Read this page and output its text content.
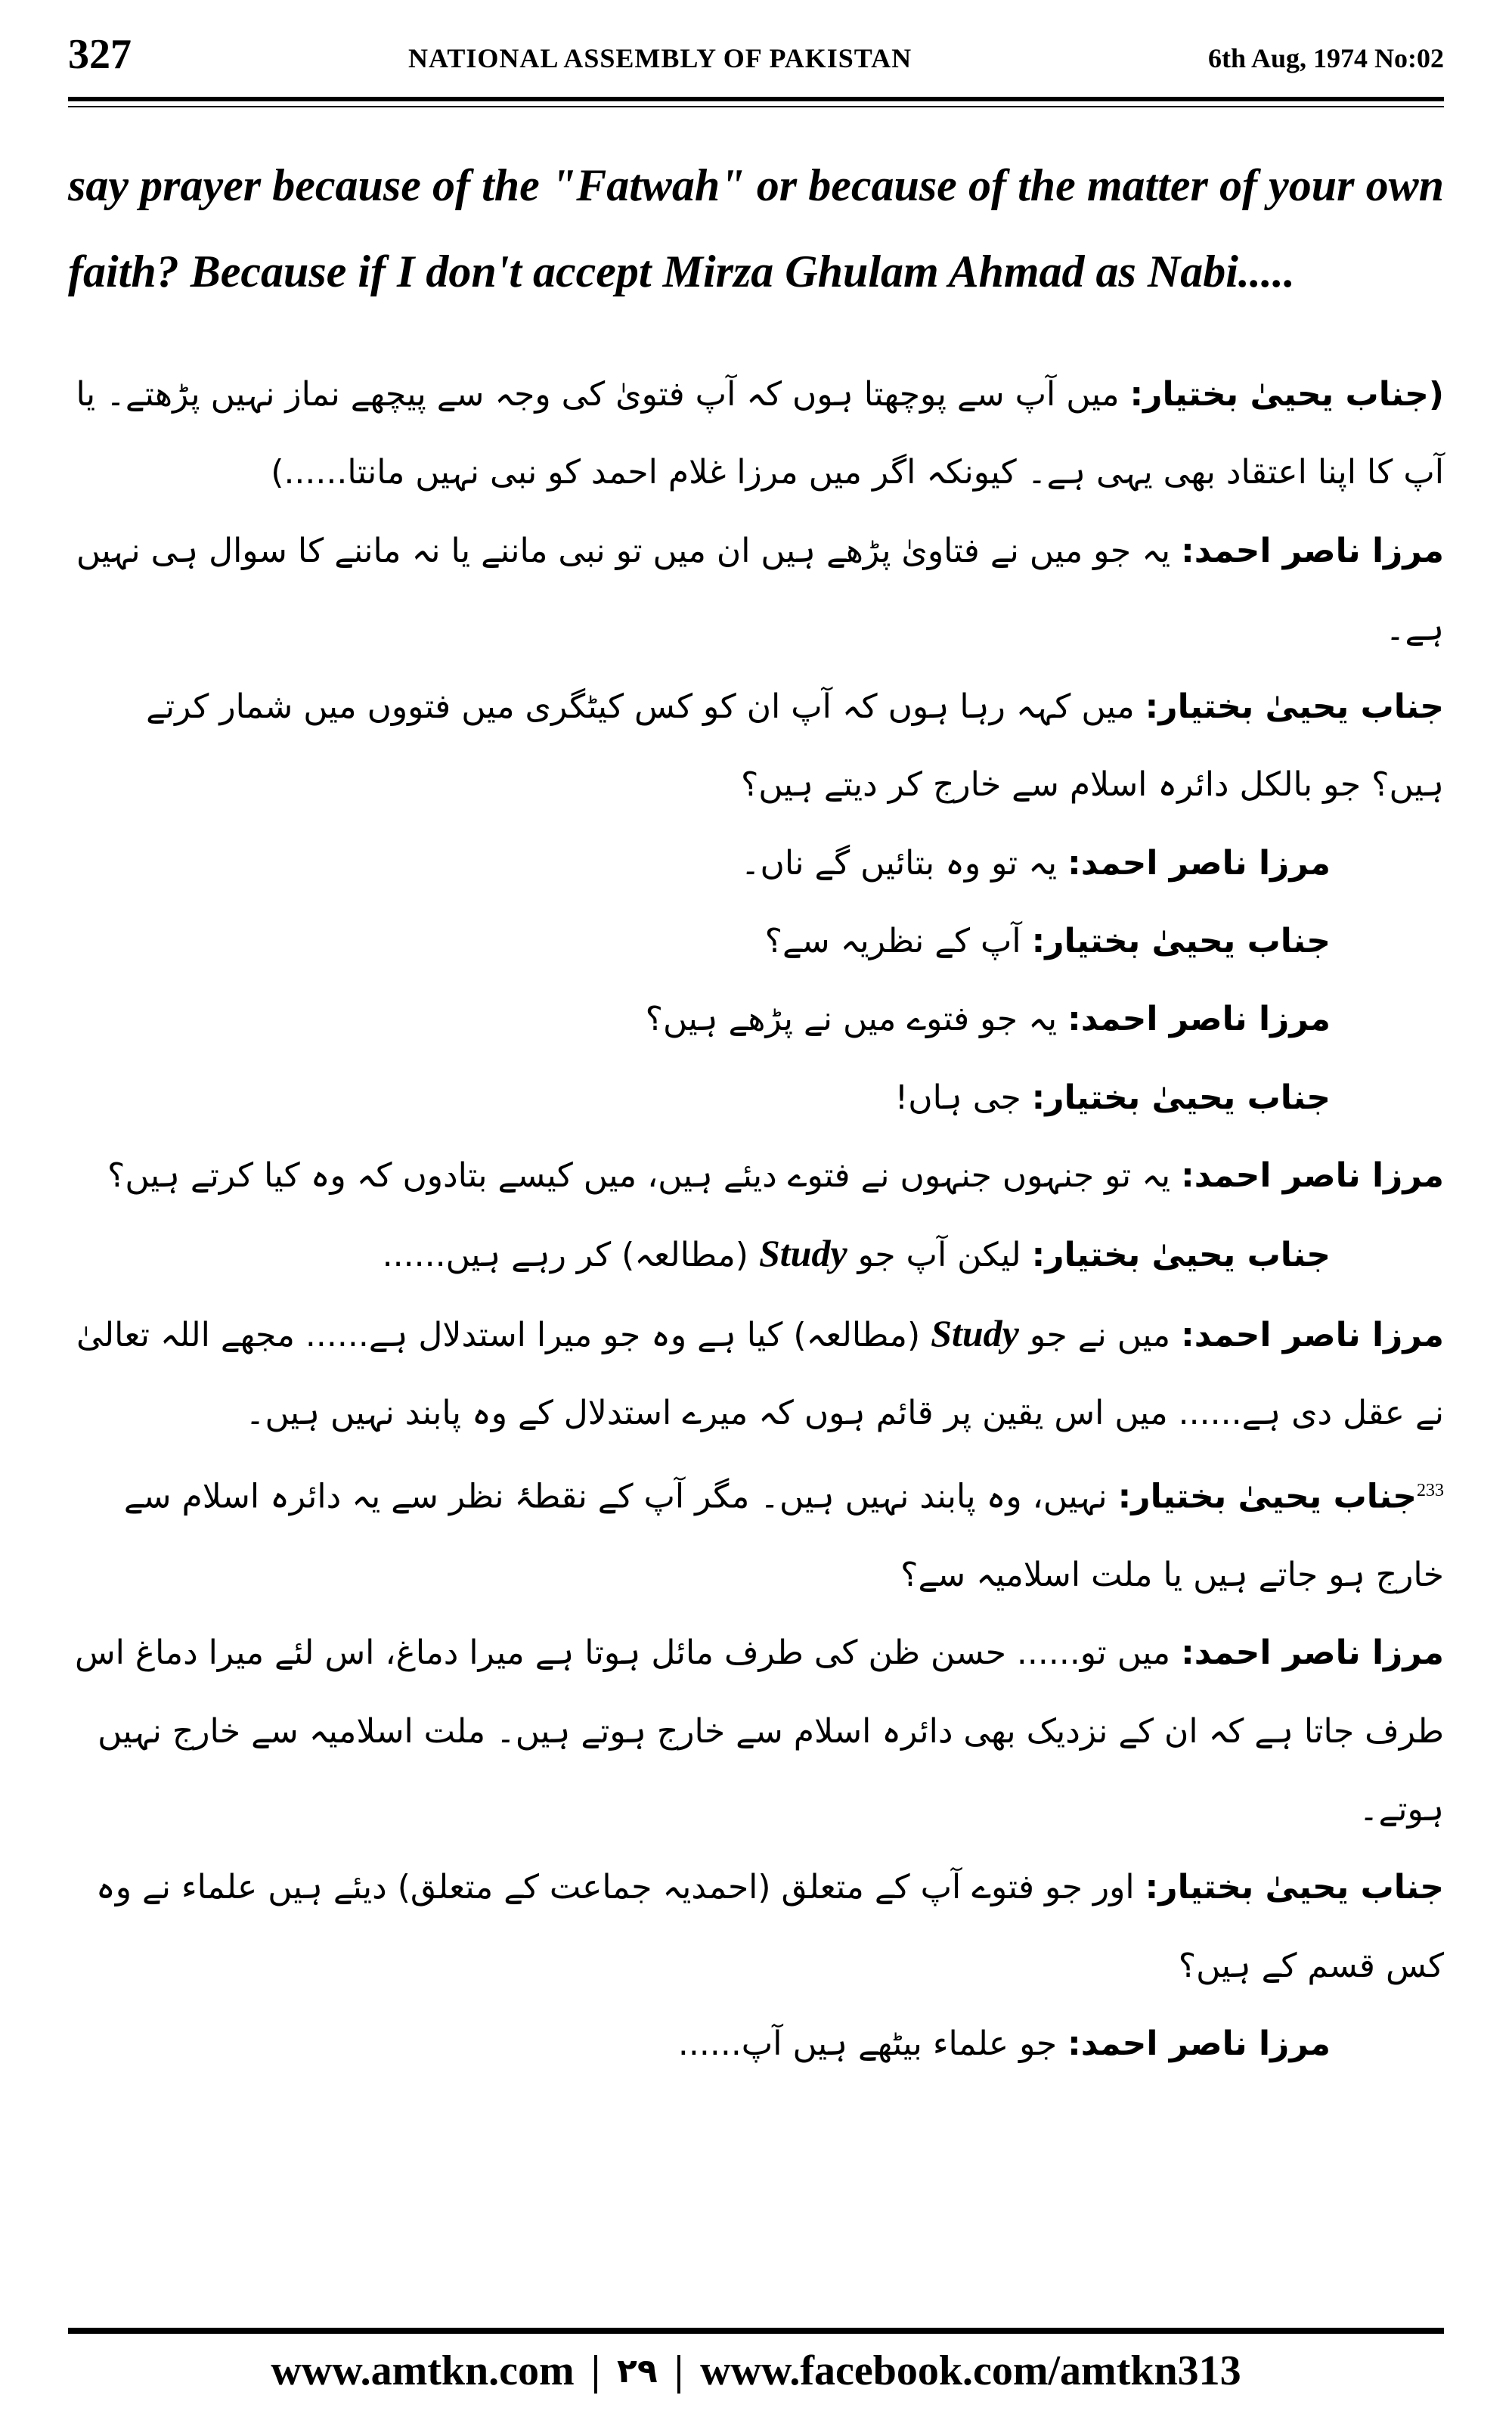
327	NATIONAL ASSEMBLY OF PAKISTAN	6th Aug, 1974 No:02
say prayer because of the "Fatwah" or because of the matter of your own faith? Because if I don't accept Mirza Ghulam Ahmad as Nabi.....

(جناب یحییٰ بختیار: میں آپ سے پوچھتا ہوں کہ آپ فتویٰ کی وجہ سے پیچھے نماز نہیں پڑھتے۔ یا آپ کا اپنا اعتقاد بھی یہی ہے۔ کیونکہ اگر میں مرزا غلام احمد کو نبی نہیں مانتا......)

مرزا ناصر احمد: یہ جو میں نے فتاویٰ پڑھے ہیں ان میں تو نبی ماننے یا نہ ماننے کا سوال ہی نہیں ہے۔

جناب یحییٰ بختیار: میں کہہ رہا ہوں کہ آپ ان کو کس کیٹگری میں فتووں میں شمار کرتے ہیں؟ جو بالکل دائرہ اسلام سے خارج کر دیتے ہیں؟

مرزا ناصر احمد: یہ تو وہ بتائیں گے ناں۔

جناب یحییٰ بختیار: آپ کے نظریہ سے؟

مرزا ناصر احمد: یہ جو فتوے میں نے پڑھے ہیں؟

جناب یحییٰ بختیار: جی ہاں!

مرزا ناصر احمد: یہ تو جنہوں جنہوں نے فتوے دیئے ہیں، میں کیسے بتادوں کہ وہ کیا کرتے ہیں؟

جناب یحییٰ بختیار: لیکن آپ جو Study (مطالعہ) کر رہے ہیں......

مرزا ناصر احمد: میں نے جو Study (مطالعہ) کیا ہے وہ جو میرا استدلال ہے...... مجھے اللہ تعالیٰ نے عقل دی ہے...... میں اس یقین پر قائم ہوں کہ میرے استدلال کے وہ پابند نہیں ہیں۔

$^{233}$جناب یحییٰ بختیار: نہیں، وہ پابند نہیں ہیں۔ مگر آپ کے نقطۂ نظر سے یہ دائرہ اسلام سے خارج ہو جاتے ہیں یا ملت اسلامیہ سے؟

مرزا ناصر احمد: میں تو...... حسن ظن کی طرف مائل ہوتا ہے میرا دماغ، اس لئے میرا دماغ اس طرف جاتا ہے کہ ان کے نزدیک بھی دائرہ اسلام سے خارج ہوتے ہیں۔ ملت اسلامیہ سے خارج نہیں ہوتے۔

جناب یحییٰ بختیار: اور جو فتوے آپ کے متعلق (احمدیہ جماعت کے متعلق) دیئے ہیں علماء نے وہ کس قسم کے ہیں؟

مرزا ناصر احمد: جو علماء بیٹھے ہیں آپ......

www.amtkn.com | ۲۹ | www.facebook.com/amtkn313
